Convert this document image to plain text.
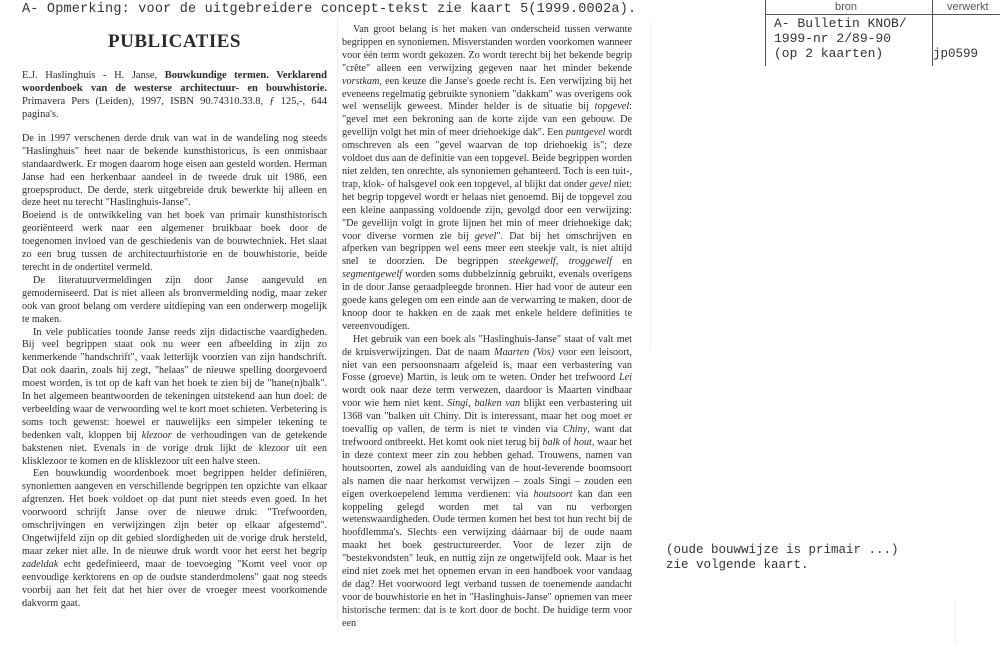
A- Opmerking: voor de uitgebreidere concept-tekst zie kaart 5(1999.0002a).	bron	verwerkt
A- Bulletin KNOB/
1999-nr 2/89-90
(op 2 kaarten)	jp0599
PUBLICATIES

E.J. Haslinghuis - H. Janse, Bouwkundige termen. Verklarend woordenboek van de westerse architectuur- en bouwhistorie. Primavera Pers (Leiden), 1997, ISBN 90.74310.33.8, ƒ 125,-, 644 pagina's.

De in 1997 verschenen derde druk van wat in de wandeling nog steeds "Haslinghuis" heet naar de bekende kunsthistoricus, is een onmisbaar standaardwerk. Er mogen daarom hoge eisen aan gesteld worden. Herman Janse had een herkenbaar aandeel in de tweede druk uit 1986, een groepsproduct. De derde, sterk uitgebreide druk bewerkte hij alleen en deze heet nu terecht "Haslinghuis-Janse".

Boeiend is de ontwikkeling van het boek van primair kunsthistorisch georiënteerd werk naar een algemener bruikbaar boek door de toegenomen invloed van de geschiedenis van de bouwtechniek. Het slaat zo een brug tussen de architectuurhistorie en de bouwhistorie, beide terecht in de ondertitel vermeld.

De literatuurvermeldingen zijn door Janse aangevuld en gemoderniseerd. Dat is niet alleen als bronvermelding nodig, maar zeker ook van groot belang om verdere uitdieping van een onderwerp mogelijk te maken.

In vele publicaties toonde Janse reeds zijn didactische vaardigheden. Bij veel begrippen staat ook nu weer een afbeelding in zijn zo kenmerkende "handschrift", vaak letterlijk voorzien van zijn handschrift. Dat ook daarin, zoals hij zegt, "helaas" de nieuwe spelling doorgevoerd moest worden, is tot op de kaft van het boek te zien bij de "hane(n)balk". In het algemeen beantwoorden de tekeningen uitstekend aan hun doel: de verbeelding waar de verwoording wel te kort moet schieten. Verbetering is soms toch gewenst: hoewel er nauwelijks een simpeler tekening te bedenken valt, kloppen bij klezoor de verhoudingen van de getekende bakstenen niet. Evenals in de vorige druk lijkt de klezoor uit een klisklezoor te komen en de klisklezoor uit een halve steen.

Een bouwkundig woordenboek moet begrippen helder definiëren, synoniemen aangeven en verschillende begrippen ten opzichte van elkaar afgrenzen. Het boek voldoet op dat punt niet steeds even goed. In het voorwoord schrijft Janse over de nieuwe druk: "Trefwoorden, omschrijvingen en verwijzingen zijn beter op elkaar afgestemd". Ongetwijfeld zijn op dit gebied slordigheden uit de vorige druk hersteld, maar zeker niet alle. In de nieuwe druk wordt voor het eerst het begrip zadeldak echt gedefinieerd, maar de toevoeging "Komt veel voor op eenvoudige kerktorens en op de oudste standerdmolens" gaat nog steeds voorbij aan het feit dat het hier over de vroeger meest voorkomende dakvorm gaat.

Van groot belang is het maken van onderscheid tussen verwante begrippen en synoniemen. Misverstanden worden voorkomen wanneer voor één term wordt gekozen. Zo wordt terecht bij het bekende begrip "crête" alleen een verwijzing gegeven naar het minder bekende vorstkam, een keuze die Janse's goede recht is. Een verwijzing bij het eveneens regelmatig gebruikte synoniem "dakkam" was overigens ook wel wenselijk geweest. Minder helder is de situatie bij topgevel: "gevel met een bekroning aan de korte zijde van een gebouw. De gevellijn volgt het min of meer driehoekige dak". Een puntgevel wordt omschreven als een "gevel waarvan de top driehoekig is"; deze voldoet dus aan de definitie van een topgevel. Beide begrippen worden niet zelden, ten onrechte, als synoniemen gehanteerd. Toch is een tuit-, trap, klok- of halsgevel ook een topgevel, al blijkt dat onder gevel niet: het begrip topgevel wordt er helaas niet genoemd. Bij de topgevel zou een kleine aanpassing voldoende zijn, gevolgd door een verwijzing: "De gevellijn volgt in grote lijnen het min of meer driehoekige dak; voor diverse vormen zie bij gevel". Dat bij het omschrijven en afperken van begrippen wel eens meer een steekje valt, is niet altijd snel te doorzien. De begrippen steekgewelf, troggewelf en segmentgewelf worden soms dubbelzinnig gebruikt, evenals overigens in de door Janse geraadpleegde bronnen. Hier had voor de auteur een goede kans gelegen om een einde aan de verwarring te maken, door de knoop door te hakken en de zaak met enkele heldere definities te vereenvoudigen.

Het gebruik van een boek als "Haslinghuis-Janse" staat of valt met de kruisverwijzingen. Dat de naam Maarten (Vos) voor een leisoort, niet van een persoonsnaam afgeleid is, maar een verbastering van Fosse (groeve) Martin, is leuk om te weten. Onder het trefwoord Lei wordt ook naar deze term verwezen, daardoor is Maarten vindbaar voor wie hem niet kent. Singi, balken van blijkt een verbastering uit 1368 van "balken uit Chiny. Dit is interessant, maar het oog moet er toevallig op vallen, de term is niet te vinden via Chiny, want dat trefwoord ontbreekt. Het komt ook niet terug bij balk of hout, waar het in deze context meer zin zou hebben gehad. Trouwens, namen van houtsoorten, zowel als aanduiding van de hout-leverende boomsoort als namen die naar herkomst verwijzen – zoals Singi – zouden een eigen overkoepelend lemma verdienen: via houtsoort kan dan een koppeling gelegd worden met tal van nu verborgen wetenswaardigheden. Oude termen komen het best tot hun recht bij de hoofdlemma's. Slechts een verwijzing dáárnaar bij de oude naam maakt het boek gestructureerder. Voor de lezer zijn de "bestekvondsten" leuk, en nuttig zijn ze ongetwijfeld ook. Maar is het eind niet zoek met het opnemen ervan in een handboek voor vandaag de dag? Het voorwoord legt verband tussen de toenemende aandacht voor de bouwhistorie en het in "Haslinghuis-Janse" opnemen van meer historische termen: dat is te kort door de bocht. De huidige term voor een

(oude bouwwijze is primair ...)
zie volgende kaart.
